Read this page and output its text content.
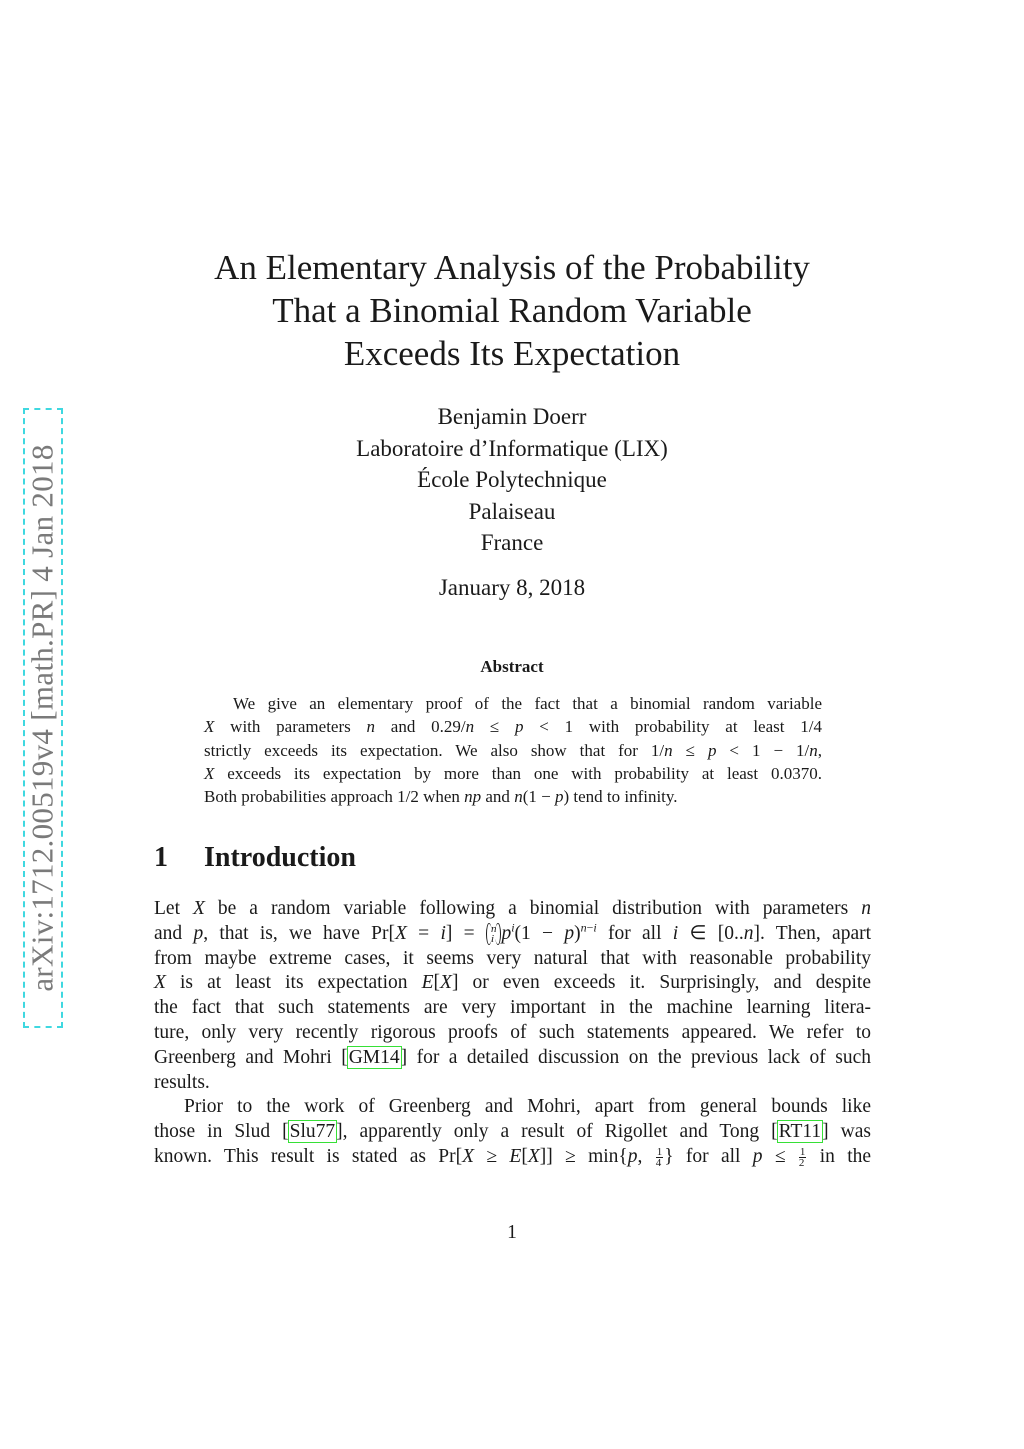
arXiv:1712.00519v4 [math.PR] 4 Jan 2018
An Elementary Analysis of the Probability
That a Binomial Random Variable
Exceeds Its Expectation
Benjamin Doerr
Laboratoire d’Informatique (LIX)
École Polytechnique
Palaiseau
France
January 8, 2018
Abstract
We give an elementary proof of the fact that a binomial random variable
X with parameters n and 0.29/n ≤ p < 1 with probability at least 1/4
strictly exceeds its expectation. We also show that for 1/n ≤ p < 1 − 1/n,
X exceeds its expectation by more than one with probability at least 0.0370.
Both probabilities approach 1/2 when np and n(1 − p) tend to infinity.
1 Introduction
Let X be a random variable following a binomial distribution with parameters n
and p, that is, we have Pr[X = i] = n
i $p^i(1 - p)^{n-i}$ for all i ∈ [0..n]. Then, apart
from maybe extreme cases, it seems very natural that with reasonable probability
X is at least its expectation E[X] or even exceeds it. Surprisingly, and despite
the fact that such statements are very important in the machine learning litera-
ture, only very recently rigorous proofs of such statements appeared. We refer to
Greenberg and Mohri [GM14] for a detailed discussion on the previous lack of such
results.
Prior to the work of Greenberg and Mohri, apart from general bounds like
those in Slud [Slu77], apparently only a result of Rigollet and Tong [RT11] was
known. This result is stated as Pr[X ≥ E[X]] ≥ min{p, $\frac{1}{4}$ } for all $p \le \frac{1}{2}$ in the
1
